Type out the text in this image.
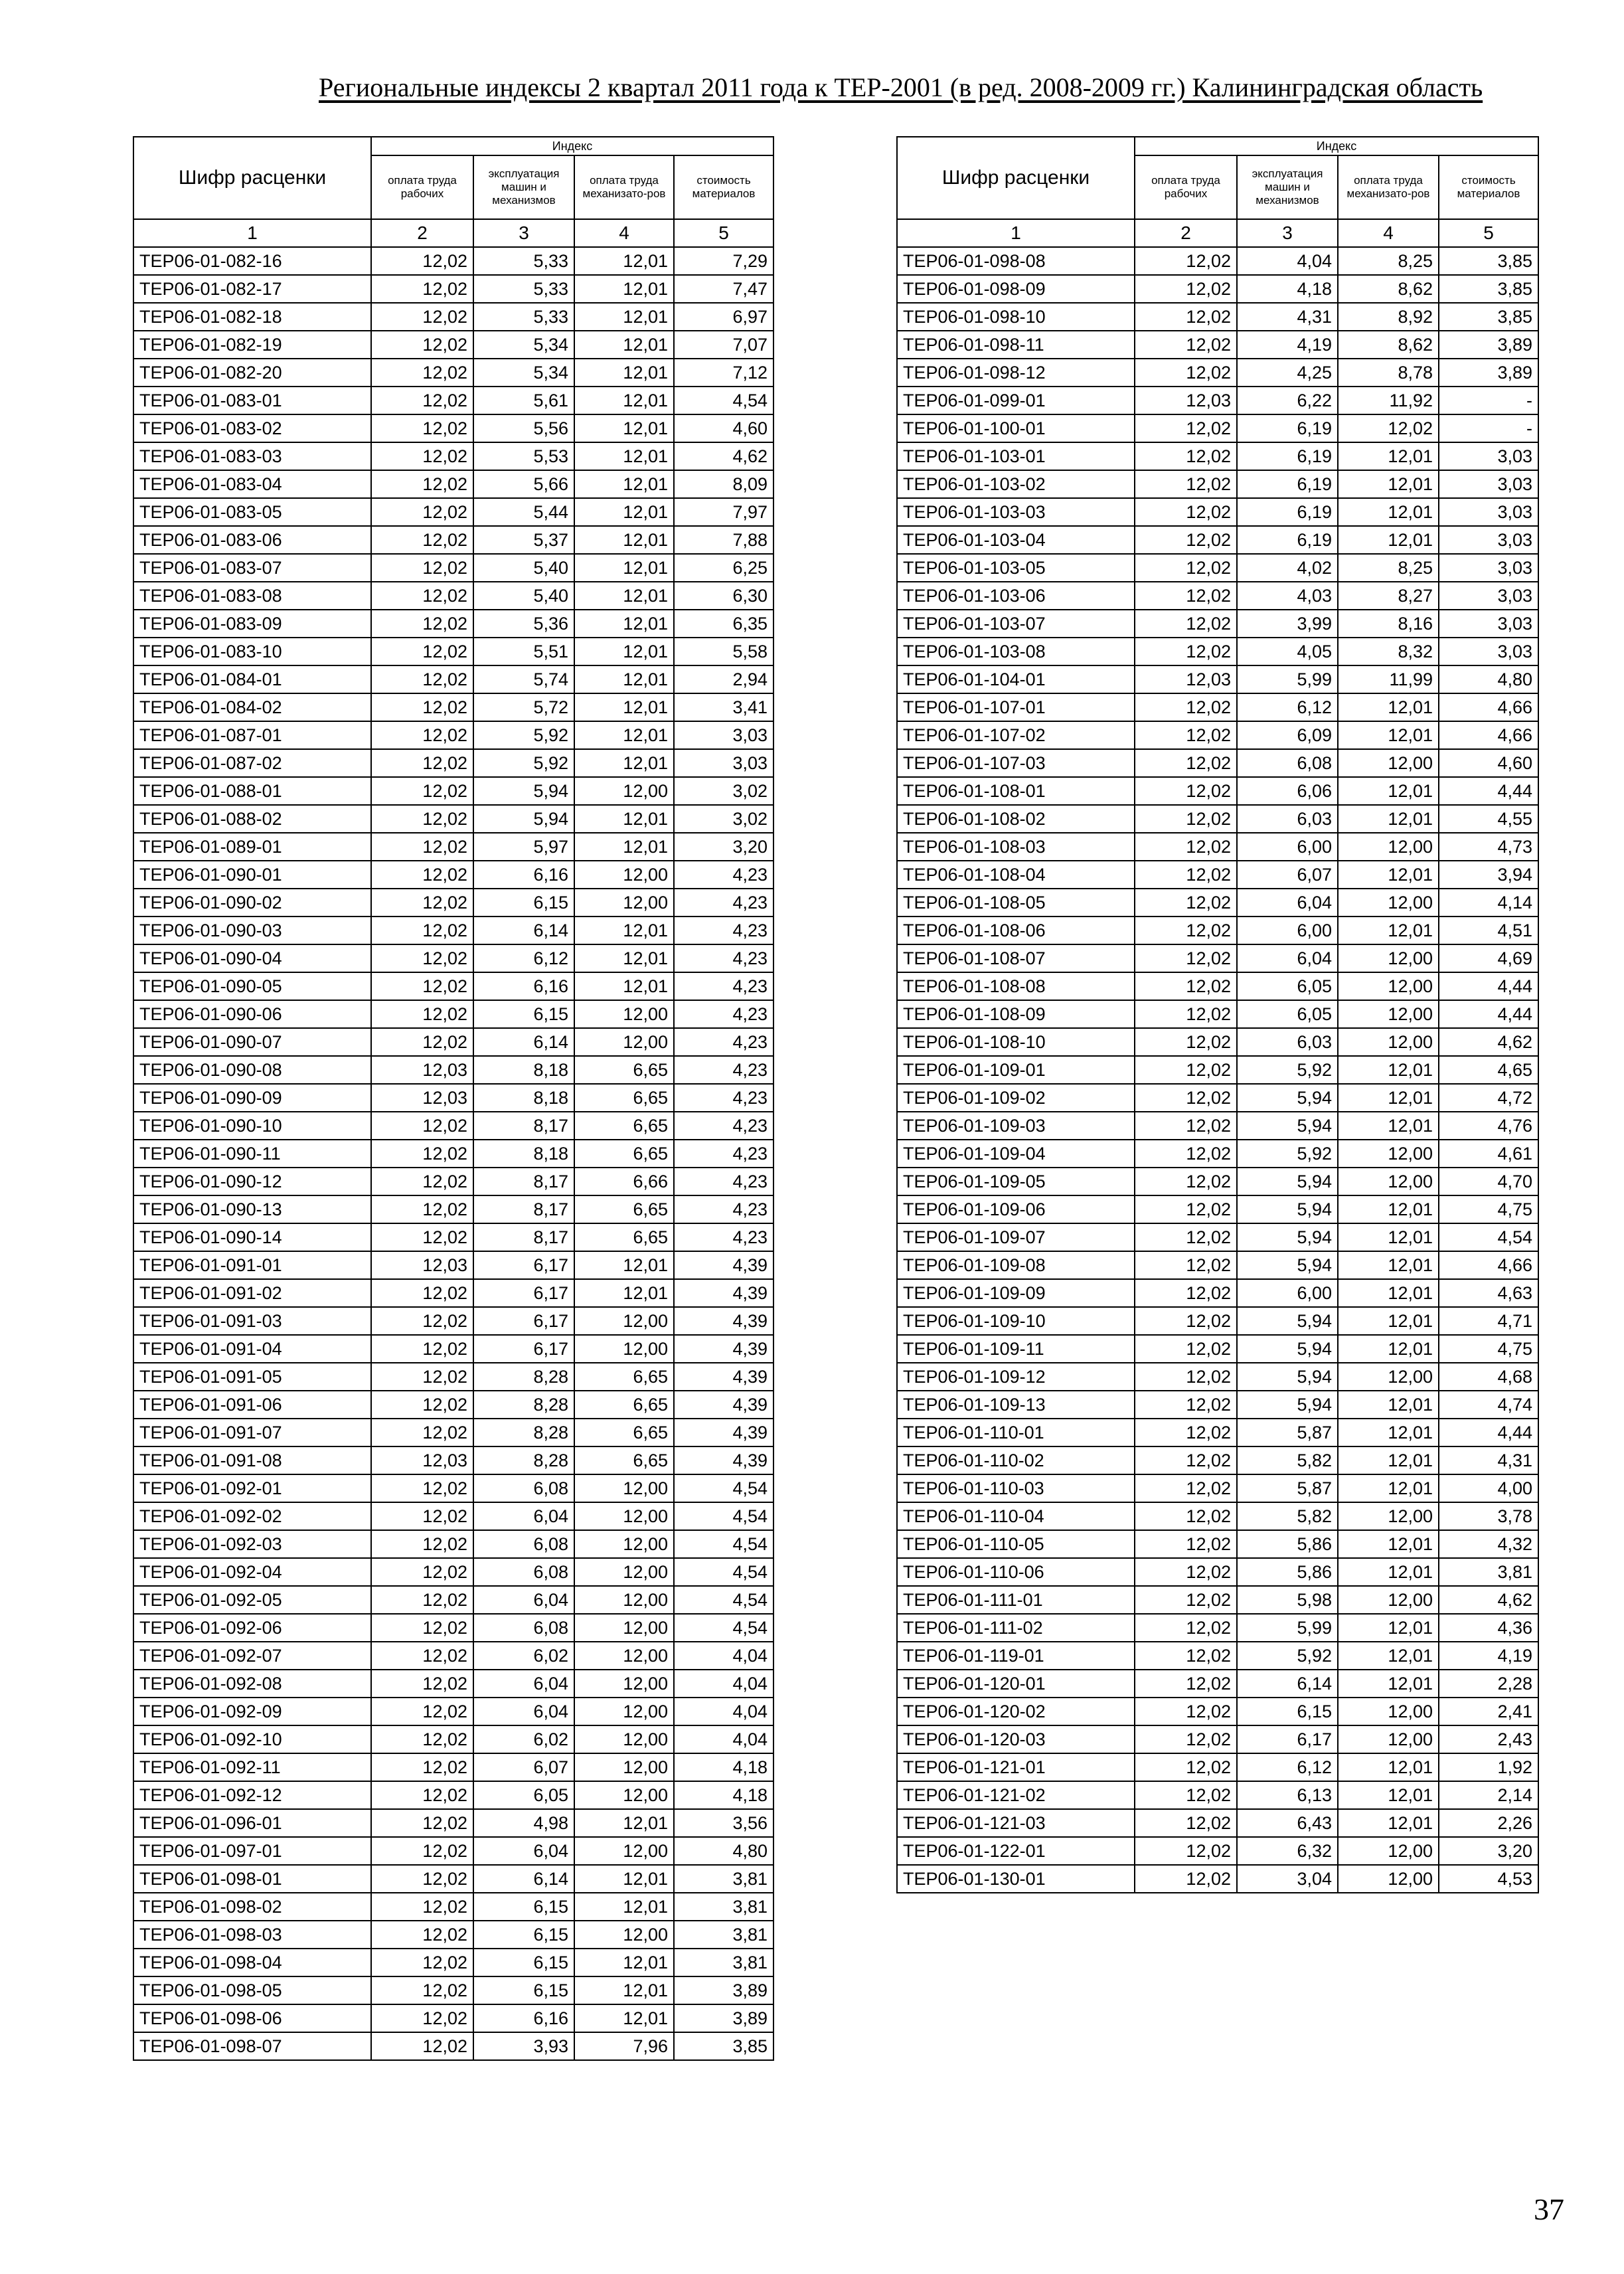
Региональные индексы 2 квартал 2011 года к ТЕР-2001 (в ред. 2008-2009 гг.) Калининградская область
Шифр расценки	Индекс			
	оплата труда рабочих	эксплуатация машин и механизмов	оплата труда механизато-ров	стоимость материалов
1	2	3	4	5
ТЕР06-01-082-16	12,02	5,33	12,01	7,29
ТЕР06-01-082-17	12,02	5,33	12,01	7,47
ТЕР06-01-082-18	12,02	5,33	12,01	6,97
ТЕР06-01-082-19	12,02	5,34	12,01	7,07
ТЕР06-01-082-20	12,02	5,34	12,01	7,12
ТЕР06-01-083-01	12,02	5,61	12,01	4,54
ТЕР06-01-083-02	12,02	5,56	12,01	4,60
ТЕР06-01-083-03	12,02	5,53	12,01	4,62
ТЕР06-01-083-04	12,02	5,66	12,01	8,09
ТЕР06-01-083-05	12,02	5,44	12,01	7,97
ТЕР06-01-083-06	12,02	5,37	12,01	7,88
ТЕР06-01-083-07	12,02	5,40	12,01	6,25
ТЕР06-01-083-08	12,02	5,40	12,01	6,30
ТЕР06-01-083-09	12,02	5,36	12,01	6,35
ТЕР06-01-083-10	12,02	5,51	12,01	5,58
ТЕР06-01-084-01	12,02	5,74	12,01	2,94
ТЕР06-01-084-02	12,02	5,72	12,01	3,41
ТЕР06-01-087-01	12,02	5,92	12,01	3,03
ТЕР06-01-087-02	12,02	5,92	12,01	3,03
ТЕР06-01-088-01	12,02	5,94	12,00	3,02
ТЕР06-01-088-02	12,02	5,94	12,01	3,02
ТЕР06-01-089-01	12,02	5,97	12,01	3,20
ТЕР06-01-090-01	12,02	6,16	12,00	4,23
ТЕР06-01-090-02	12,02	6,15	12,00	4,23
ТЕР06-01-090-03	12,02	6,14	12,01	4,23
ТЕР06-01-090-04	12,02	6,12	12,01	4,23
ТЕР06-01-090-05	12,02	6,16	12,01	4,23
ТЕР06-01-090-06	12,02	6,15	12,00	4,23
ТЕР06-01-090-07	12,02	6,14	12,00	4,23
ТЕР06-01-090-08	12,03	8,18	6,65	4,23
ТЕР06-01-090-09	12,03	8,18	6,65	4,23
ТЕР06-01-090-10	12,02	8,17	6,65	4,23
ТЕР06-01-090-11	12,02	8,18	6,65	4,23
ТЕР06-01-090-12	12,02	8,17	6,66	4,23
ТЕР06-01-090-13	12,02	8,17	6,65	4,23
ТЕР06-01-090-14	12,02	8,17	6,65	4,23
ТЕР06-01-091-01	12,03	6,17	12,01	4,39
ТЕР06-01-091-02	12,02	6,17	12,01	4,39
ТЕР06-01-091-03	12,02	6,17	12,00	4,39
ТЕР06-01-091-04	12,02	6,17	12,00	4,39
ТЕР06-01-091-05	12,02	8,28	6,65	4,39
ТЕР06-01-091-06	12,02	8,28	6,65	4,39
ТЕР06-01-091-07	12,02	8,28	6,65	4,39
ТЕР06-01-091-08	12,03	8,28	6,65	4,39
ТЕР06-01-092-01	12,02	6,08	12,00	4,54
ТЕР06-01-092-02	12,02	6,04	12,00	4,54
ТЕР06-01-092-03	12,02	6,08	12,00	4,54
ТЕР06-01-092-04	12,02	6,08	12,00	4,54
ТЕР06-01-092-05	12,02	6,04	12,00	4,54
ТЕР06-01-092-06	12,02	6,08	12,00	4,54
ТЕР06-01-092-07	12,02	6,02	12,00	4,04
ТЕР06-01-092-08	12,02	6,04	12,00	4,04
ТЕР06-01-092-09	12,02	6,04	12,00	4,04
ТЕР06-01-092-10	12,02	6,02	12,00	4,04
ТЕР06-01-092-11	12,02	6,07	12,00	4,18
ТЕР06-01-092-12	12,02	6,05	12,00	4,18
ТЕР06-01-096-01	12,02	4,98	12,01	3,56
ТЕР06-01-097-01	12,02	6,04	12,00	4,80
ТЕР06-01-098-01	12,02	6,14	12,01	3,81
ТЕР06-01-098-02	12,02	6,15	12,01	3,81
ТЕР06-01-098-03	12,02	6,15	12,00	3,81
ТЕР06-01-098-04	12,02	6,15	12,01	3,81
ТЕР06-01-098-05	12,02	6,15	12,01	3,89
ТЕР06-01-098-06	12,02	6,16	12,01	3,89
ТЕР06-01-098-07	12,02	3,93	7,96	3,85
Шифр расценки	Индекс			
	оплата труда рабочих	эксплуатация машин и механизмов	оплата труда механизато-ров	стоимость материалов
1	2	3	4	5
ТЕР06-01-098-08	12,02	4,04	8,25	3,85
ТЕР06-01-098-09	12,02	4,18	8,62	3,85
ТЕР06-01-098-10	12,02	4,31	8,92	3,85
ТЕР06-01-098-11	12,02	4,19	8,62	3,89
ТЕР06-01-098-12	12,02	4,25	8,78	3,89
ТЕР06-01-099-01	12,03	6,22	11,92	-
ТЕР06-01-100-01	12,02	6,19	12,02	-
ТЕР06-01-103-01	12,02	6,19	12,01	3,03
ТЕР06-01-103-02	12,02	6,19	12,01	3,03
ТЕР06-01-103-03	12,02	6,19	12,01	3,03
ТЕР06-01-103-04	12,02	6,19	12,01	3,03
ТЕР06-01-103-05	12,02	4,02	8,25	3,03
ТЕР06-01-103-06	12,02	4,03	8,27	3,03
ТЕР06-01-103-07	12,02	3,99	8,16	3,03
ТЕР06-01-103-08	12,02	4,05	8,32	3,03
ТЕР06-01-104-01	12,03	5,99	11,99	4,80
ТЕР06-01-107-01	12,02	6,12	12,01	4,66
ТЕР06-01-107-02	12,02	6,09	12,01	4,66
ТЕР06-01-107-03	12,02	6,08	12,00	4,60
ТЕР06-01-108-01	12,02	6,06	12,01	4,44
ТЕР06-01-108-02	12,02	6,03	12,01	4,55
ТЕР06-01-108-03	12,02	6,00	12,00	4,73
ТЕР06-01-108-04	12,02	6,07	12,01	3,94
ТЕР06-01-108-05	12,02	6,04	12,00	4,14
ТЕР06-01-108-06	12,02	6,00	12,01	4,51
ТЕР06-01-108-07	12,02	6,04	12,00	4,69
ТЕР06-01-108-08	12,02	6,05	12,00	4,44
ТЕР06-01-108-09	12,02	6,05	12,00	4,44
ТЕР06-01-108-10	12,02	6,03	12,00	4,62
ТЕР06-01-109-01	12,02	5,92	12,01	4,65
ТЕР06-01-109-02	12,02	5,94	12,01	4,72
ТЕР06-01-109-03	12,02	5,94	12,01	4,76
ТЕР06-01-109-04	12,02	5,92	12,00	4,61
ТЕР06-01-109-05	12,02	5,94	12,00	4,70
ТЕР06-01-109-06	12,02	5,94	12,01	4,75
ТЕР06-01-109-07	12,02	5,94	12,01	4,54
ТЕР06-01-109-08	12,02	5,94	12,01	4,66
ТЕР06-01-109-09	12,02	6,00	12,01	4,63
ТЕР06-01-109-10	12,02	5,94	12,01	4,71
ТЕР06-01-109-11	12,02	5,94	12,01	4,75
ТЕР06-01-109-12	12,02	5,94	12,00	4,68
ТЕР06-01-109-13	12,02	5,94	12,01	4,74
ТЕР06-01-110-01	12,02	5,87	12,01	4,44
ТЕР06-01-110-02	12,02	5,82	12,01	4,31
ТЕР06-01-110-03	12,02	5,87	12,01	4,00
ТЕР06-01-110-04	12,02	5,82	12,00	3,78
ТЕР06-01-110-05	12,02	5,86	12,01	4,32
ТЕР06-01-110-06	12,02	5,86	12,01	3,81
ТЕР06-01-111-01	12,02	5,98	12,00	4,62
ТЕР06-01-111-02	12,02	5,99	12,01	4,36
ТЕР06-01-119-01	12,02	5,92	12,01	4,19
ТЕР06-01-120-01	12,02	6,14	12,01	2,28
ТЕР06-01-120-02	12,02	6,15	12,00	2,41
ТЕР06-01-120-03	12,02	6,17	12,00	2,43
ТЕР06-01-121-01	12,02	6,12	12,01	1,92
ТЕР06-01-121-02	12,02	6,13	12,01	2,14
ТЕР06-01-121-03	12,02	6,43	12,01	2,26
ТЕР06-01-122-01	12,02	6,32	12,00	3,20
ТЕР06-01-130-01	12,02	3,04	12,00	4,53
37
